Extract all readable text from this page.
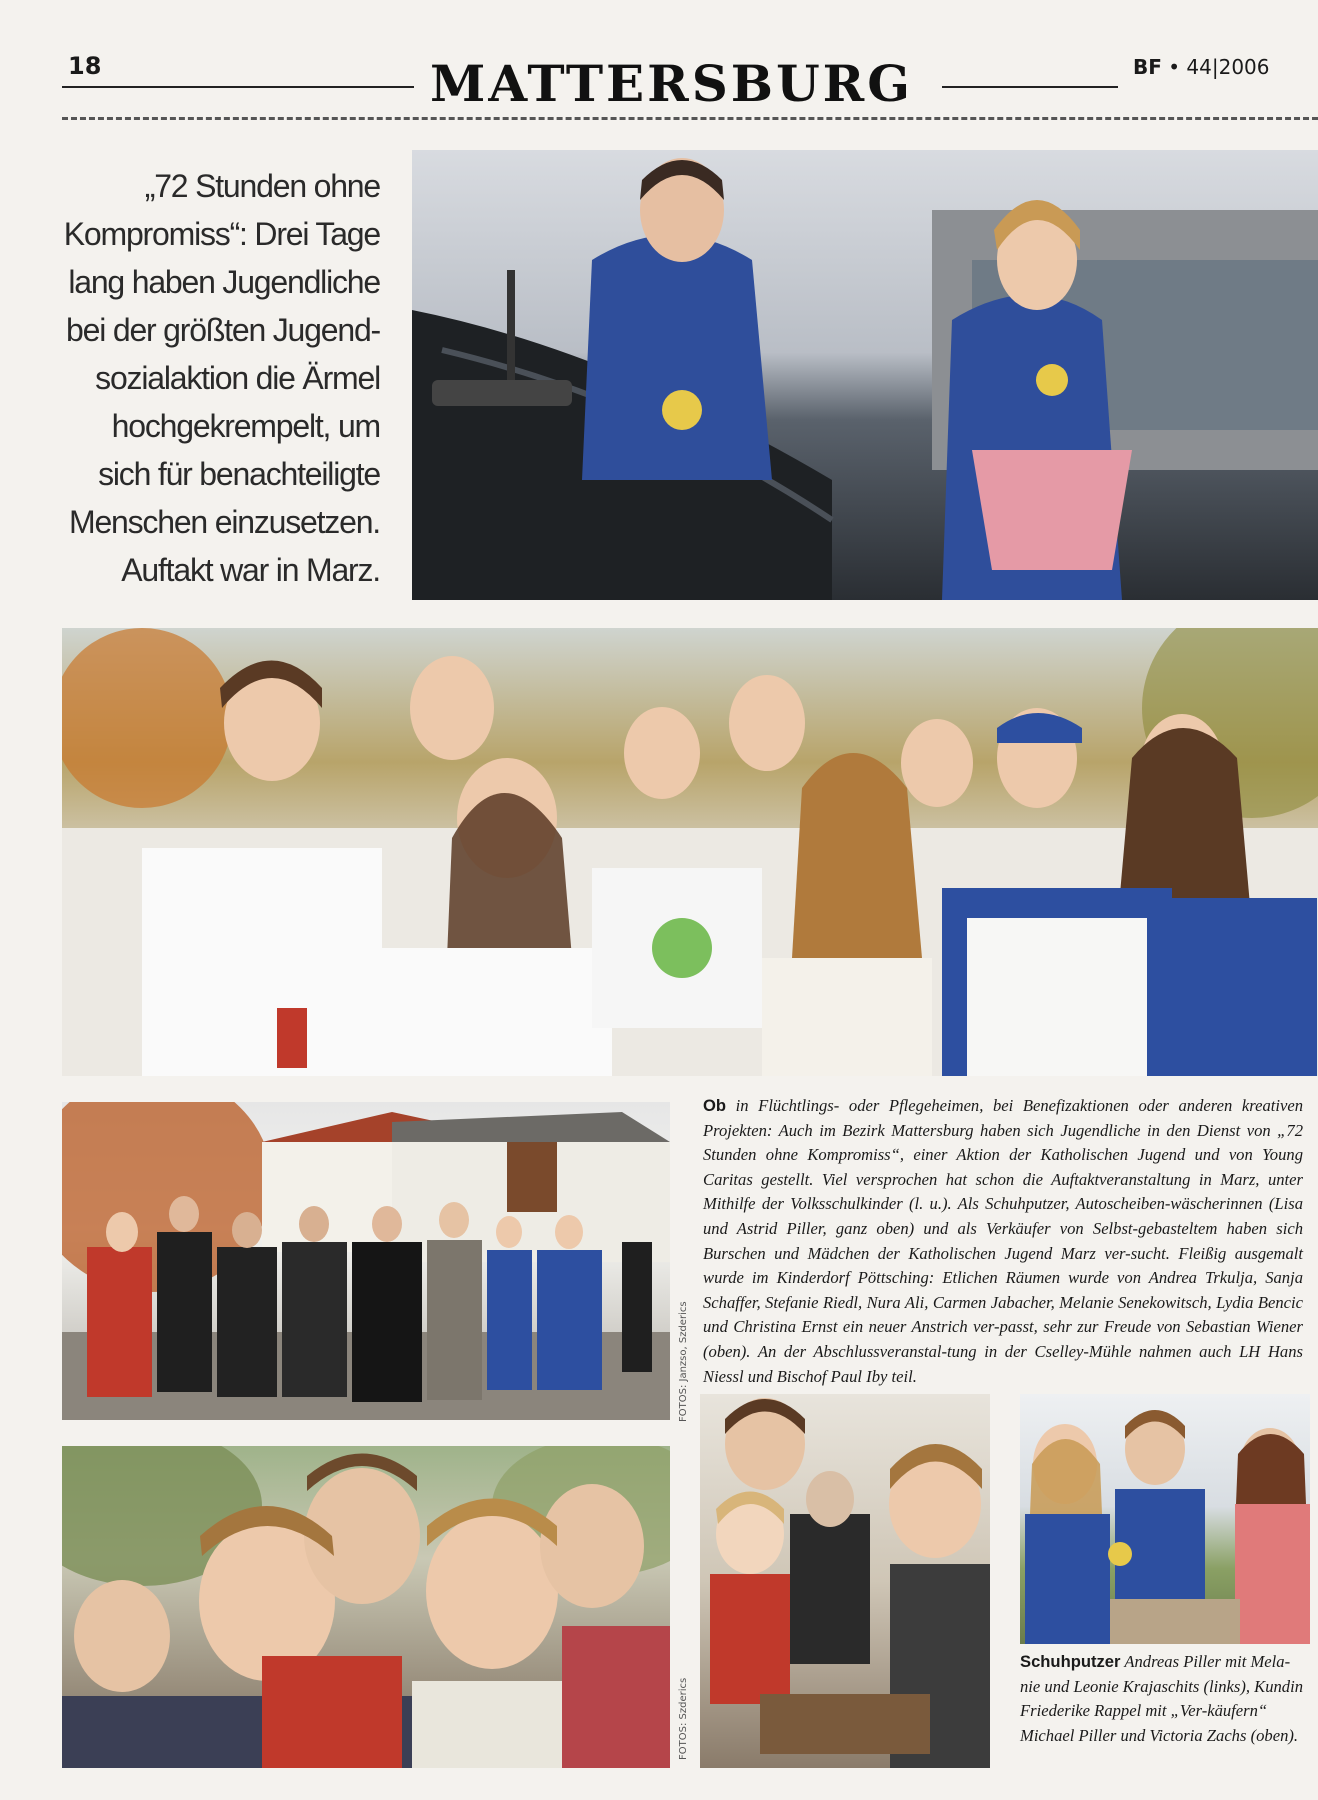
18	MATTERSBURG	BF • 44|2006
„72 Stunden ohne Kompromiss“: Drei Tage lang haben Jugendliche bei der größten Jugend-sozialaktion die Ärmel hochgekrempelt, um sich für benachteiligte Menschen einzusetzen. Auftakt war in Marz.
FOTOS: Janzso, Szderics
Ob in Flüchtlings- oder Pflegeheimen, bei Benefizaktionen oder anderen kreativen Projekten: Auch im Bezirk Mattersburg haben sich Jugendliche in den Dienst von „72 Stunden ohne Kompromiss“, einer Aktion der Katholischen Jugend und von Young Caritas gestellt. Viel versprochen hat schon die Auftaktveranstaltung in Marz, unter Mithilfe der Volksschulkinder (l. u.). Als Schuhputzer, Autoscheiben-wäscherinnen (Lisa und Astrid Piller, ganz oben) und als Verkäufer von Selbst-gebasteltem haben sich Burschen und Mädchen der Katholischen Jugend Marz ver-sucht. Fleißig ausgemalt wurde im Kinderdorf Pöttsching: Etlichen Räumen wurde von Andrea Trkulja, Sanja Schaffer, Stefanie Riedl, Nura Ali, Carmen Jabacher, Melanie Senekowitsch, Lydia Bencic und Christina Ernst ein neuer Anstrich ver-passt, sehr zur Freude von Sebastian Wiener (oben). An der Abschlussveranstal-tung in der Cselley-Mühle nahmen auch LH Hans Niessl und Bischof Paul Iby teil.
FOTOS: Szderics
Schuhputzer Andreas Piller mit Mela-nie und Leonie Krajaschits (links), Kundin Friederike Rappel mit „Ver-käufern“ Michael Piller und Victoria Zachs (oben).
